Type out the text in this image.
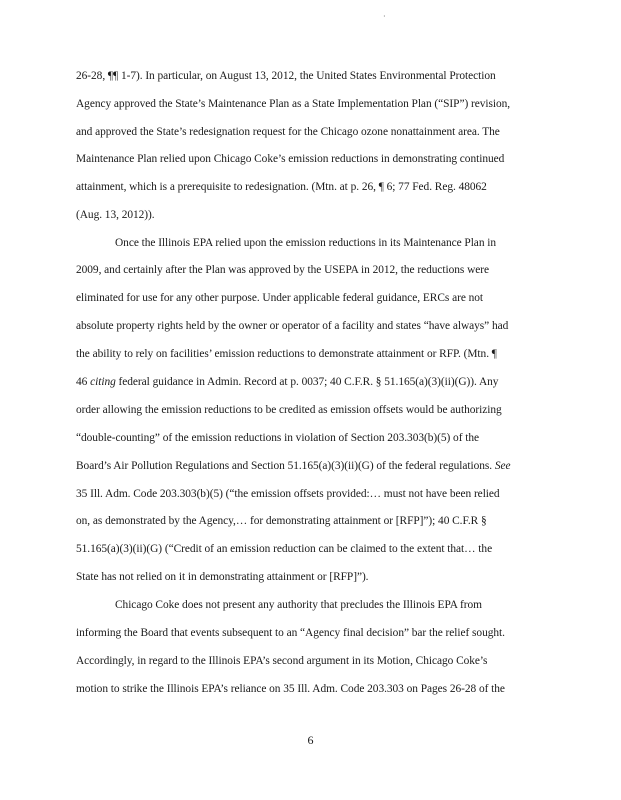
·
26-28, ¶¶ 1-7). In particular, on August 13, 2012, the United States Environmental Protection
Agency approved the State’s Maintenance Plan as a State Implementation Plan (“SIP”) revision,
and approved the State’s redesignation request for the Chicago ozone nonattainment area. The
Maintenance Plan relied upon Chicago Coke’s emission reductions in demonstrating continued
attainment, which is a prerequisite to redesignation. (Mtn. at p. 26, ¶ 6; 77 Fed. Reg. 48062
(Aug. 13, 2012)).
Once the Illinois EPA relied upon the emission reductions in its Maintenance Plan in
2009, and certainly after the Plan was approved by the USEPA in 2012, the reductions were
eliminated for use for any other purpose. Under applicable federal guidance, ERCs are not
absolute property rights held by the owner or operator of a facility and states “have always” had
the ability to rely on facilities’ emission reductions to demonstrate attainment or RFP. (Mtn. ¶
46 citing federal guidance in Admin. Record at p. 0037; 40 C.F.R. § 51.165(a)(3)(ii)(G)). Any
order allowing the emission reductions to be credited as emission offsets would be authorizing
“double-counting” of the emission reductions in violation of Section 203.303(b)(5) of the
Board’s Air Pollution Regulations and Section 51.165(a)(3)(ii)(G) of the federal regulations. See
35 Ill. Adm. Code 203.303(b)(5) (“the emission offsets provided:… must not have been relied
on, as demonstrated by the Agency,… for demonstrating attainment or [RFP]”); 40 C.F.R §
51.165(a)(3)(ii)(G) (“Credit of an emission reduction can be claimed to the extent that… the
State has not relied on it in demonstrating attainment or [RFP]”).
Chicago Coke does not present any authority that precludes the Illinois EPA from
informing the Board that events subsequent to an “Agency final decision” bar the relief sought.
Accordingly, in regard to the Illinois EPA’s second argument in its Motion, Chicago Coke’s
motion to strike the Illinois EPA’s reliance on 35 Ill. Adm. Code 203.303 on Pages 26-28 of the
6
